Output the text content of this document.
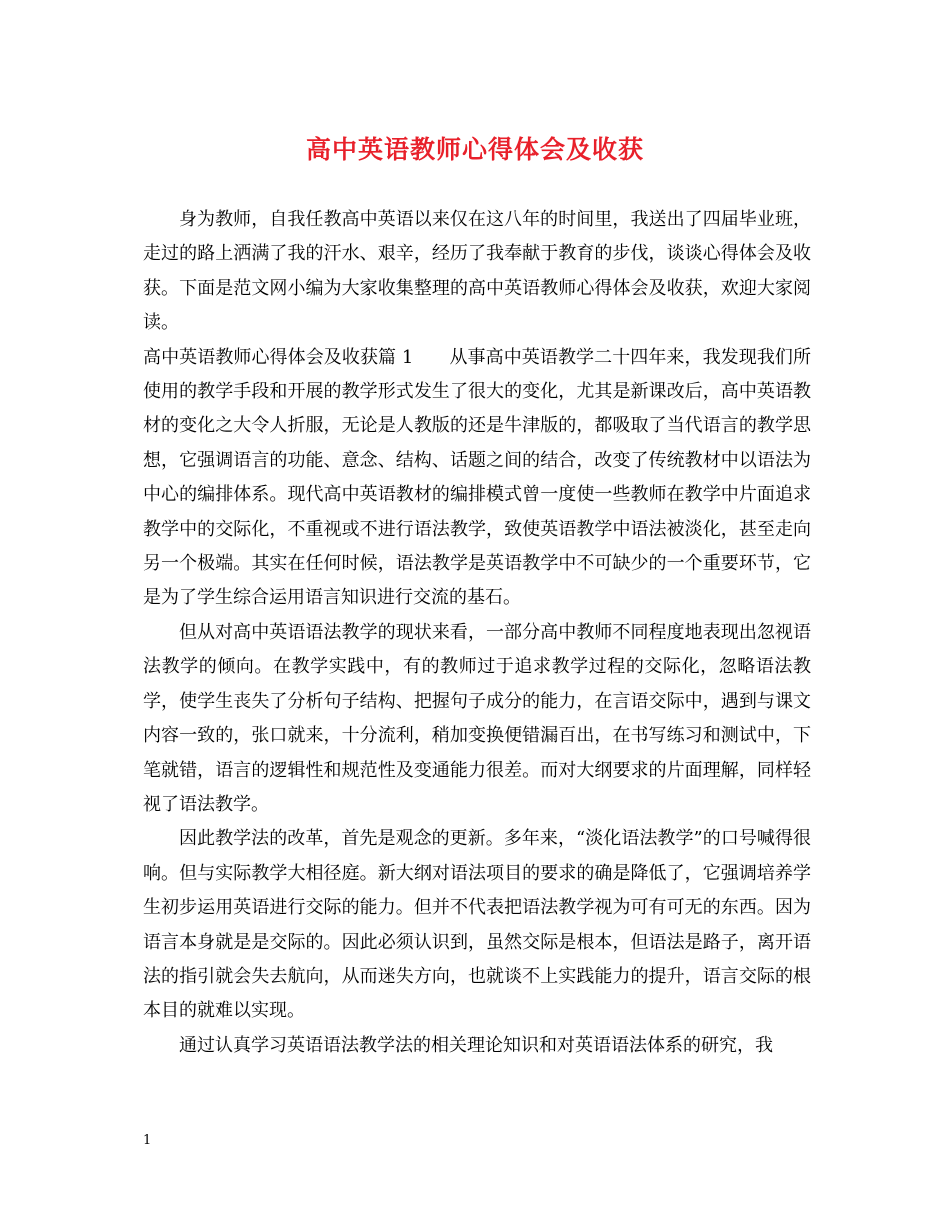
高中英语教师心得体会及收获

身为教师，自我任教高中英语以来仅在这八年的时间里，我送出了四届毕业班，走过的路上洒满了我的汗水、艰辛，经历了我奉献于教育的步伐，谈谈心得体会及收获。下面是范文网小编为大家收集整理的高中英语教师心得体会及收获，欢迎大家阅读。

高中英语教师心得体会及收获篇 1 从事高中英语教学二十四年来，我发现我们所使用的教学手段和开展的教学形式发生了很大的变化，尤其是新课改后，高中英语教材的变化之大令人折服，无论是人教版的还是牛津版的，都吸取了当代语言的教学思想，它强调语言的功能、意念、结构、话题之间的结合，改变了传统教材中以语法为中心的编排体系。现代高中英语教材的编排模式曾一度使一些教师在教学中片面追求教学中的交际化，不重视或不进行语法教学，致使英语教学中语法被淡化，甚至走向另一个极端。其实在任何时候，语法教学是英语教学中不可缺少的一个重要环节，它是为了学生综合运用语言知识进行交流的基石。

但从对高中英语语法教学的现状来看，一部分高中教师不同程度地表现出忽视语法教学的倾向。在教学实践中，有的教师过于追求教学过程的交际化，忽略语法教学，使学生丧失了分析句子结构、把握句子成分的能力，在言语交际中，遇到与课文内容一致的，张口就来，十分流利，稍加变换便错漏百出，在书写练习和测试中，下笔就错，语言的逻辑性和规范性及变通能力很差。而对大纲要求的片面理解，同样轻视了语法教学。

因此教学法的改革，首先是观念的更新。多年来，“淡化语法教学”的口号喊得很响。但与实际教学大相径庭。新大纲对语法项目的要求的确是降低了，它强调培养学生初步运用英语进行交际的能力。但并不代表把语法教学视为可有可无的东西。因为语言本身就是是交际的。因此必须认识到，虽然交际是根本，但语法是路子，离开语法的指引就会失去航向，从而迷失方向，也就谈不上实践能力的提升，语言交际的根本目的就难以实现。

通过认真学习英语语法教学法的相关理论知识和对英语语法体系的研究，我

1
